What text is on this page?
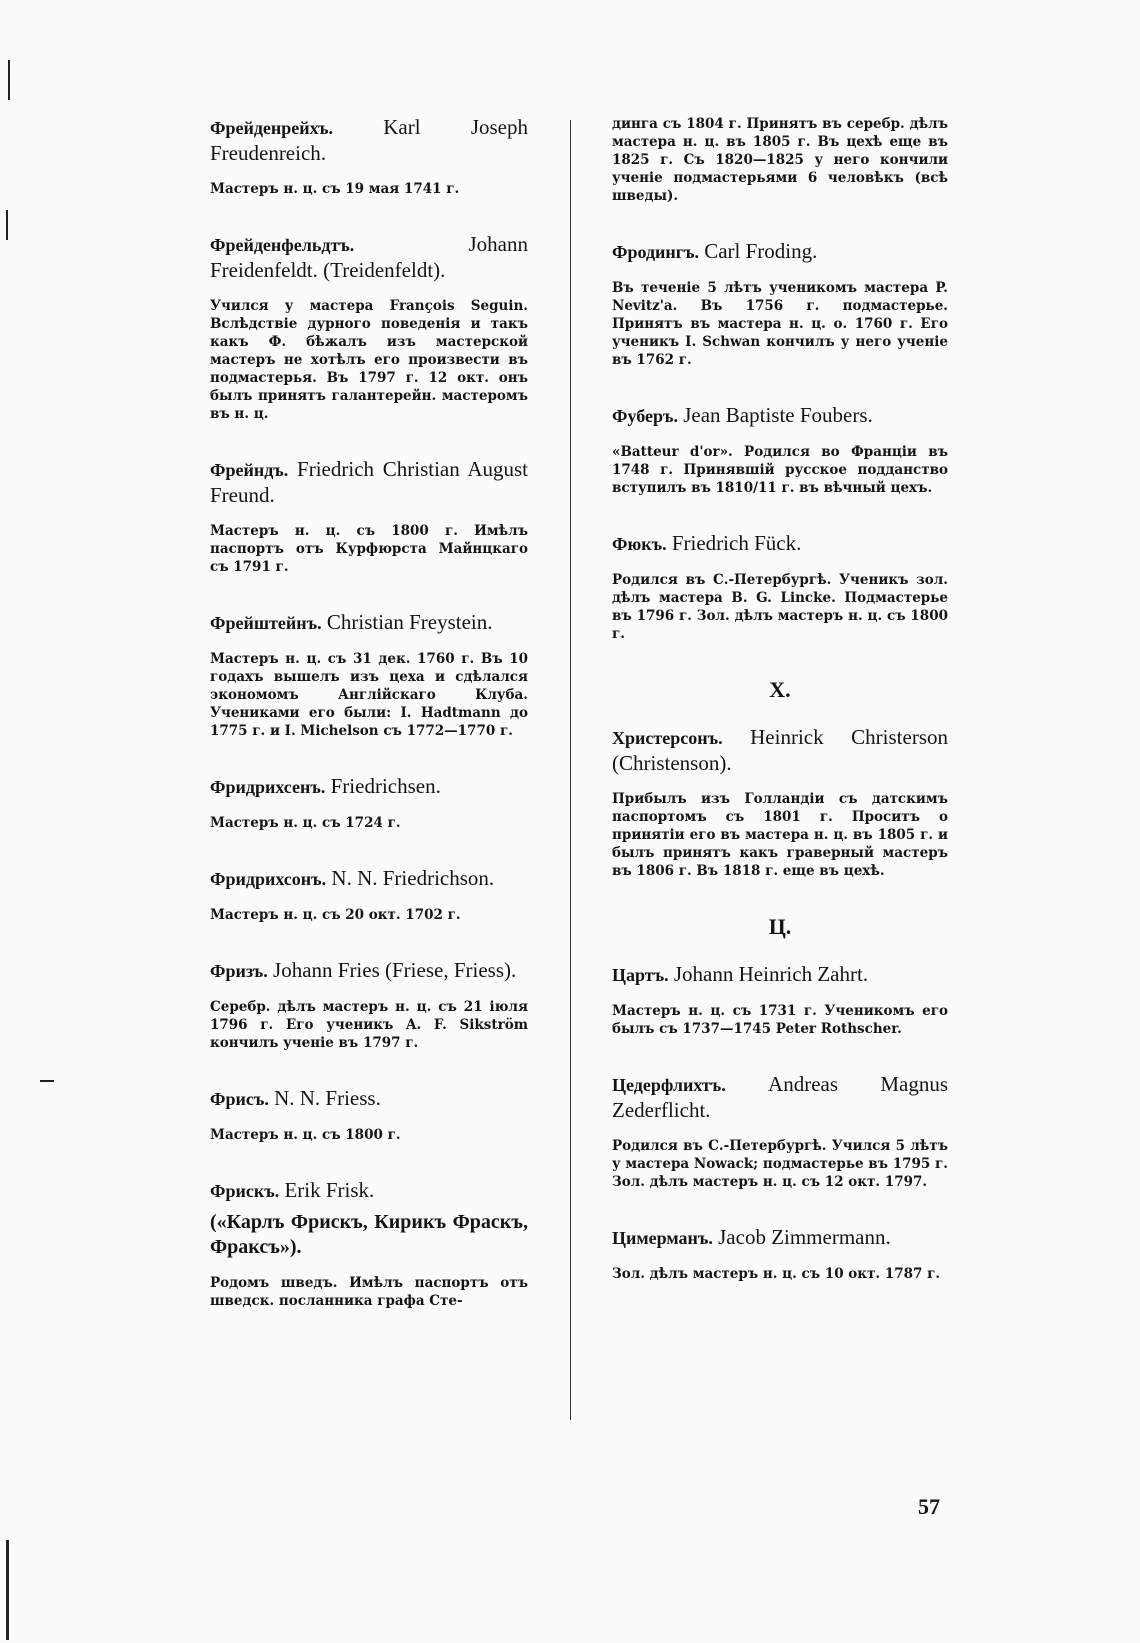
Фрейденрейхъ. Karl Joseph Freudenreich.

Мастеръ н. ц. съ 19 мая 1741 г.

Фрейденфельдтъ.	Johann Freidenfeldt. (Treidenfeldt).

Учился у мастера François Seguin. Вслѣдствіе дурного поведенія и такъ какъ Ф. бѣжалъ изъ мастерской мастеръ не хотѣлъ его произвести въ подмастерья. Въ 1797 г. 12 окт. онъ былъ принятъ галантерейн. мастеромъ въ н. ц.

Фрейндъ. Friedrich Christian August Freund.

Мастеръ н. ц. съ 1800 г. Имѣлъ паспортъ отъ Курфюрста Майнцкаго съ 1791 г.

Фрейштейнъ. Christian Freystein.

Мастеръ н. ц. съ 31 дек. 1760 г. Въ 10 годахъ вышелъ изъ цеха и сдѣлался экономомъ Англійскаго Клуба. Учениками его были: I. Hadtmann до 1775 г. и I. Michelson съ 1772—1770 г.

Фридрихсенъ. Friedrichsen.

Мастеръ н. ц. съ 1724 г.

Фридрихсонъ. N. N. Friedrichson.

Мастеръ н. ц. съ 20 окт. 1702 г.

Фризъ. Johann Fries (Friese, Friess).

Серебр. дѣлъ мастеръ н. ц. съ 21 іюля 1796 г. Его ученикъ A. F. Sikström кончилъ ученіе въ 1797 г.

Фрисъ. N. N. Friess.

Мастеръ н. ц. съ 1800 г.

Фрискъ. Erik Frisk.

(«Карлъ Фрискъ, Кирикъ Фраскъ, Фраксъ»).

Родомъ шведъ. Имѣлъ паспортъ отъ шведск. посланника графа Сте-

динга съ 1804 г. Принятъ въ серебр. дѣлъ мастера н. ц. въ 1805 г. Въ цехѣ еще въ 1825 г. Съ 1820—1825 у него кончили ученіе подмастерьями 6 человѣкъ (всѣ шведы).

Фродингъ. Carl Froding.

Въ теченіе 5 лѣтъ ученикомъ мастера P. Nevitz'а. Въ 1756 г. подмастерье. Принятъ въ мастера н. ц. о. 1760 г. Его ученикъ I. Schwan кончилъ у него ученіе въ 1762 г.

Фуберъ. Jean Baptiste Foubers.

«Batteur d'or». Родился во Франціи въ 1748 г. Принявшій русское подданство вступилъ въ 1810/11 г. въ вѣчный цехъ.

Фюкъ. Friedrich Fück.

Родился въ С.-Петербургѣ. Ученикъ зол. дѣлъ мастера B. G. Lincke. Подмастерье въ 1796 г. Зол. дѣлъ мастеръ н. ц. съ 1800 г.

Х.

Христерсонъ. Heinrick Christerson (Christenson).

Прибылъ изъ Голландіи съ датскимъ паспортомъ съ 1801 г. Проситъ о принятіи его въ мастера н. ц. въ 1805 г. и былъ принятъ какъ граверный мастеръ въ 1806 г. Въ 1818 г. еще въ цехѣ.

Ц.

Цартъ. Johann Heinrich Zahrt.

Мастеръ н. ц. съ 1731 г. Ученикомъ его былъ съ 1737—1745 Peter Rothscher.

Цедерфлихтъ. Andreas Magnus Zederflicht.

Родился въ С.-Петербургѣ. Учился 5 лѣтъ у мастера Nowack; подмастерье въ 1795 г. Зол. дѣлъ мастеръ н. ц. съ 12 окт. 1797.

Цимерманъ. Jacob Zimmermann.

Зол. дѣлъ мастеръ н. ц. съ 10 окт. 1787 г.

57
